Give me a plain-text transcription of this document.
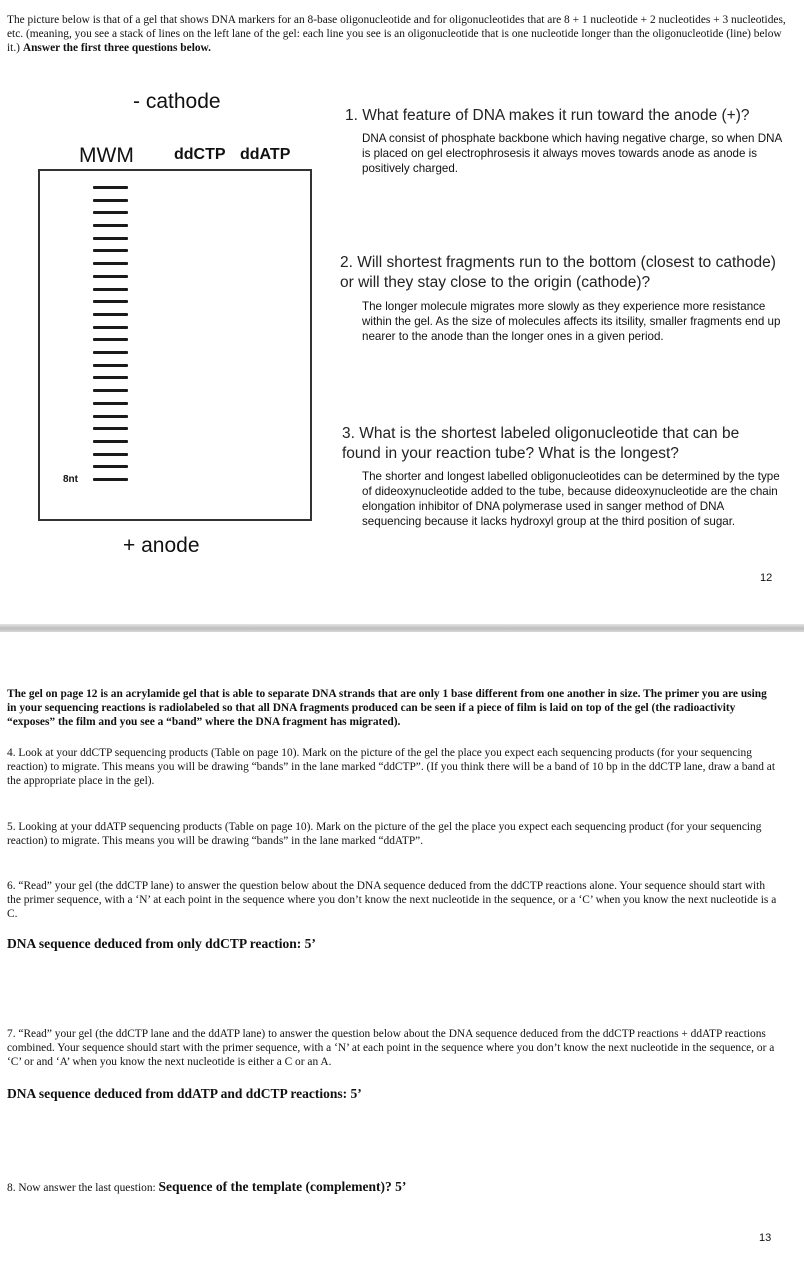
The picture below is that of a gel that shows DNA markers for an 8-base oligonucleotide and for oligonucleotides that are 8 + 1 nucleotide + 2 nucleotides + 3 nucleotides, etc. (meaning, you see a stack of lines on the left lane of the gel: each line you see is an oligonucleotide that is one nucleotide longer than the oligonucleotide (line) below it.) Answer the first three questions below.
- cathode
MWM	ddCTP ddATP
8nt
+ anode
1. What feature of DNA makes it run toward the anode (+)?
DNA consist of phosphate backbone which having negative charge, so when DNA is placed on gel electrophrosesis it always moves towards anode as anode is positively charged.
2. Will shortest fragments run to the bottom (closest to cathode) or will they stay close to the origin (cathode)?
The longer molecule migrates more slowly as they experience more resistance within the gel. As the size of molecules affects its itsility, smaller fragments end up nearer to the anode than the longer ones in a given period.
3. What is the shortest labeled oligonucleotide that can be found in your reaction tube? What is the longest?
The shorter and longest labelled obligonucleotides can be determined by the type of dideoxynucleotide added to the tube, because dideoxynucleotide are the chain elongation inhibitor of DNA polymerase used in sanger method of DNA sequencing because it lacks hydroxyl group at the third position of sugar.
12
The gel on page 12 is an acrylamide gel that is able to separate DNA strands that are only 1 base different from one another in size. The primer you are using in your sequencing reactions is radiolabeled so that all DNA fragments produced can be seen if a piece of film is laid on top of the gel (the radioactivity “exposes” the film and you see a “band” where the DNA fragment has migrated).
4. Look at your ddCTP sequencing products (Table on page 10). Mark on the picture of the gel the place you expect each sequencing products (for your sequencing reaction) to migrate. This means you will be drawing “bands” in the lane marked “ddCTP”. (If you think there will be a band of 10 bp in the ddCTP lane, draw a band at the appropriate place in the gel).
5. Looking at your ddATP sequencing products (Table on page 10). Mark on the picture of the gel the place you expect each sequencing product (for your sequencing reaction) to migrate. This means you will be drawing “bands” in the lane marked “ddATP”.
6. “Read” your gel (the ddCTP lane) to answer the question below about the DNA sequence deduced from the ddCTP reactions alone. Your sequence should start with the primer sequence, with a ‘N’ at each point in the sequence where you don’t know the next nucleotide in the sequence, or a ‘C’ when you know the next nucleotide is a C.
DNA sequence deduced from only ddCTP reaction: 5’
7. “Read” your gel (the ddCTP lane and the ddATP lane) to answer the question below about the DNA sequence deduced from the ddCTP reactions + ddATP reactions combined. Your sequence should start with the primer sequence, with a ‘N’ at each point in the sequence where you don’t know the next nucleotide in the sequence, or a ‘C’ or and ‘A’ when you know the next nucleotide is either a C or an A.
DNA sequence deduced from ddATP and ddCTP reactions: 5’
8. Now answer the last question: Sequence of the template (complement)? 5’
13
